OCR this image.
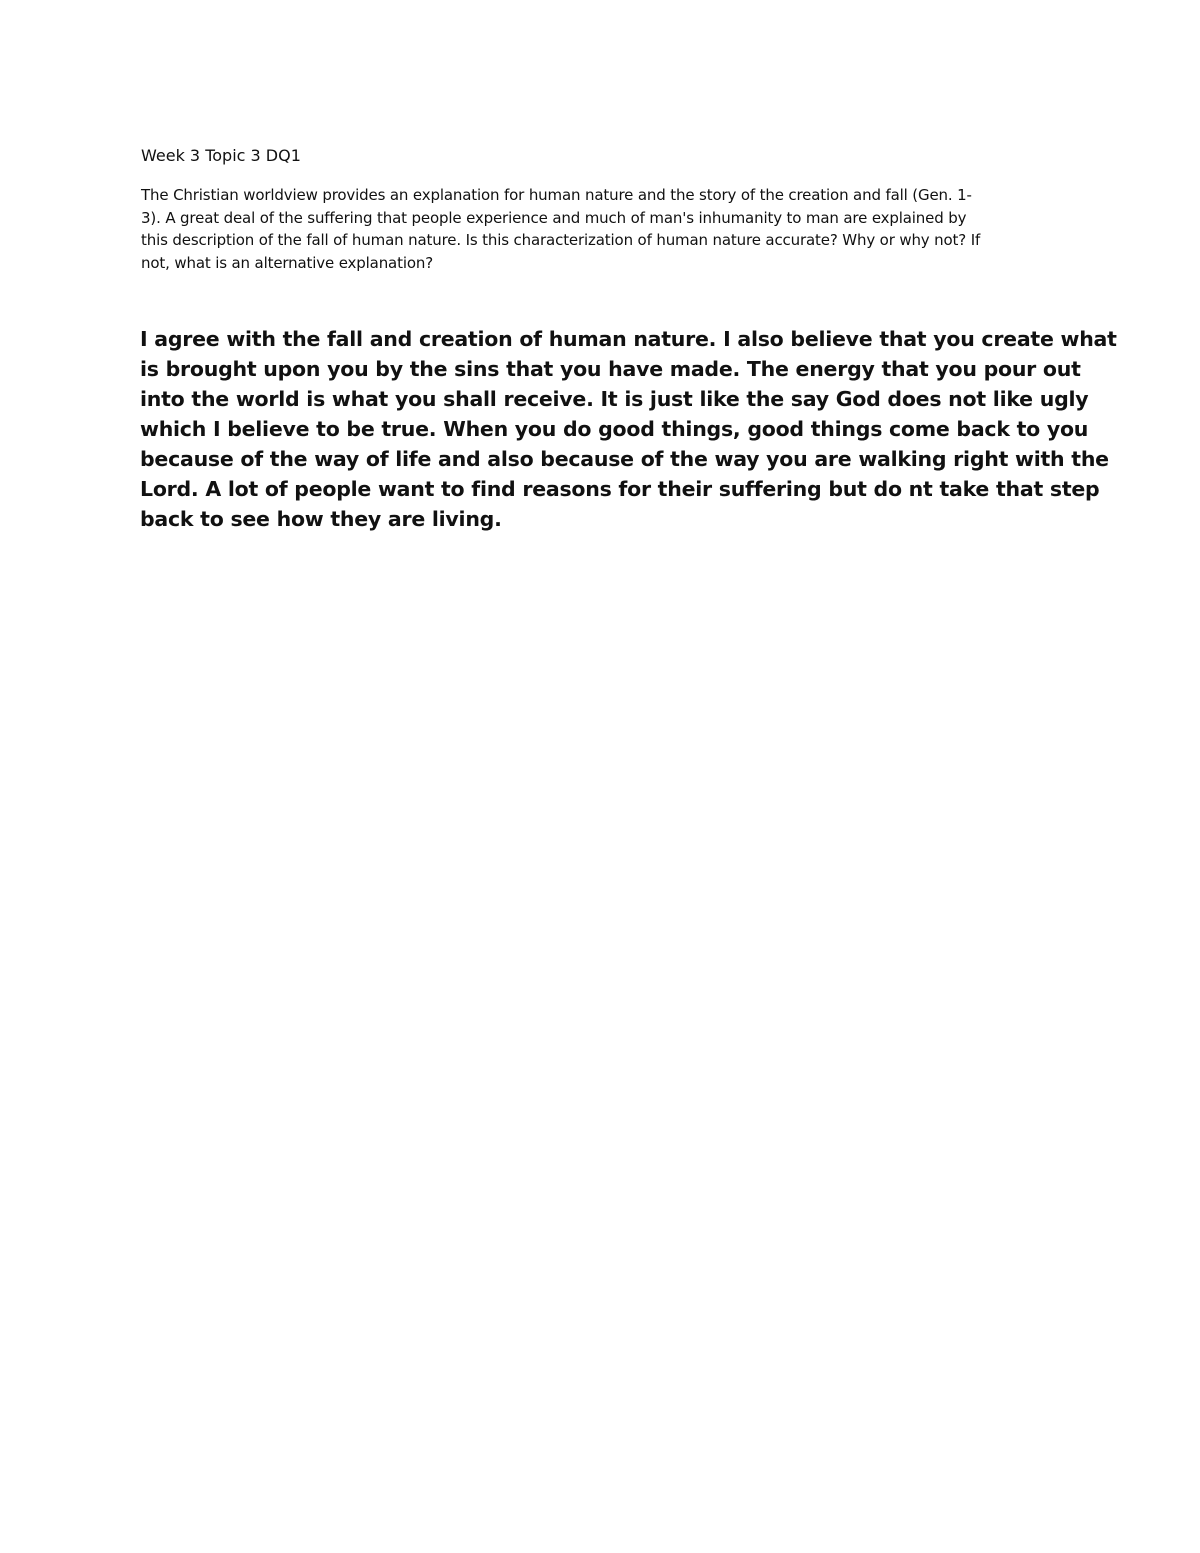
Week 3 Topic 3 DQ1

The Christian worldview provides an explanation for human nature and the story of the creation and fall (Gen. 1-
3). A great deal of the suffering that people experience and much of man's inhumanity to man are explained by
this description of the fall of human nature. Is this characterization of human nature accurate? Why or why not? If
not, what is an alternative explanation?

I agree with the fall and creation of human nature. I also believe that you create what
is brought upon you by the sins that you have made. The energy that you pour out
into the world is what you shall receive. It is just like the say God does not like ugly
which I believe to be true. When you do good things, good things come back to you
because of the way of life and also because of the way you are walking right with the
Lord. A lot of people want to find reasons for their suffering but do nt take that step
back to see how they are living.
